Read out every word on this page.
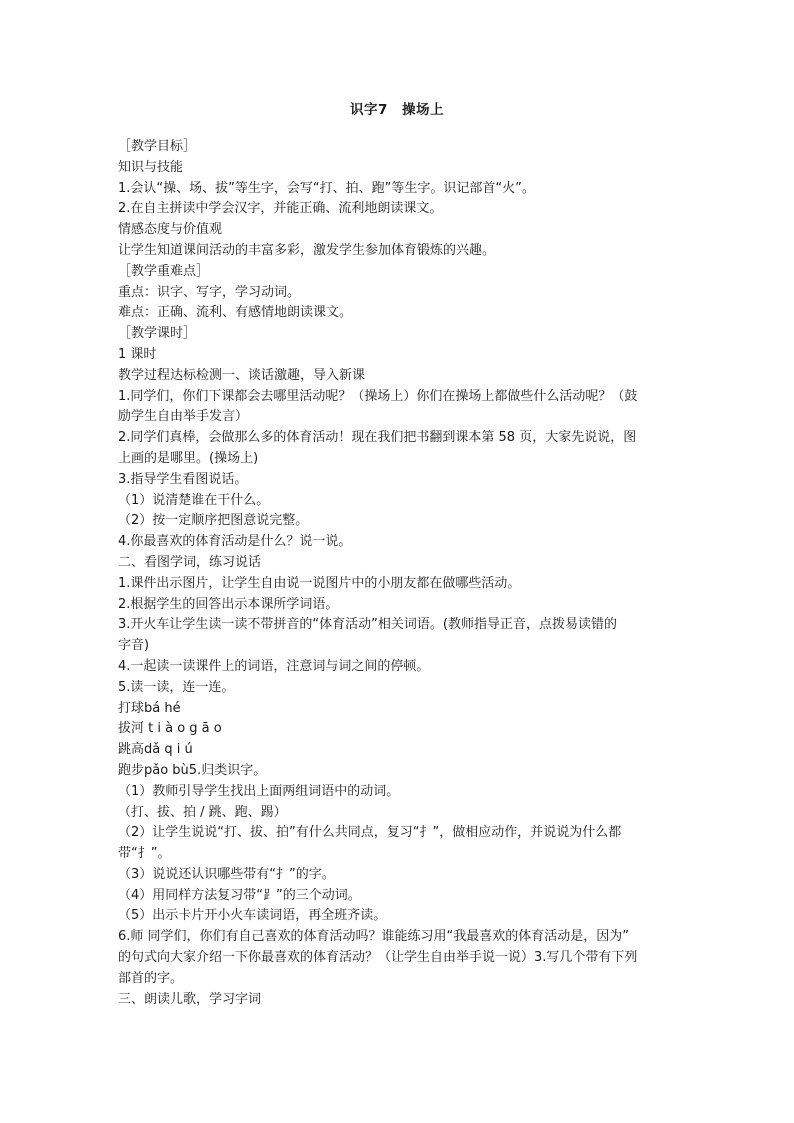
识字7　操场上
［教学目标］
知识与技能
1.会认“操、场、拔”等生字，会写“打、拍、跑”等生字。识记部首“火”。
2.在自主拼读中学会汉字，并能正确、流利地朗读课文。
情感态度与价值观
让学生知道课间活动的丰富多彩，激发学生参加体育锻炼的兴趣。
［教学重难点］
重点：识字、写字，学习动词。
难点：正确、流利、有感情地朗读课文。
［教学课时］
1 课时
教学过程达标检测一、谈话激趣，导入新课
1.同学们，你们下课都会去哪里活动呢？（操场上）你们在操场上都做些什么活动呢？（鼓
励学生自由举手发言）
2.同学们真棒，会做那么多的体育活动！现在我们把书翻到课本第 58 页，大家先说说，图
上画的是哪里。(操场上)
3.指导学生看图说话。
（1）说清楚谁在干什么。
（2）按一定顺序把图意说完整。
4.你最喜欢的体育活动是什么？说一说。
二、看图学词，练习说话
1.课件出示图片，让学生自由说一说图片中的小朋友都在做哪些活动。
2.根据学生的回答出示本课所学词语。
3.开火车让学生读一读不带拼音的“体育活动”相关词语。(教师指导正音，点拨易读错的
字音)
4.一起读一读课件上的词语，注意词与词之间的停顿。
5.读一读，连一连。
打球bá hé
拔河 t i à o g ā o
跳高dǎ q i ú
跑步pǎo bù5.归类识字。
（1）教师引导学生找出上面两组词语中的动词。
（打、拔、拍 / 跳、跑、踢）
（2）让学生说说“打、拔、拍”有什么共同点，复习“扌”，做相应动作，并说说为什么都
带“扌”。
（3）说说还认识哪些带有“扌”的字。
（4）用同样方法复习带“⻊”的三个动词。
（5）出示卡片开小火车读词语，再全班齐读。
6.师 同学们，你们有自己喜欢的体育活动吗？谁能练习用“我最喜欢的体育活动是，因为”
的句式向大家介绍一下你最喜欢的体育活动？（让学生自由举手说一说）3.写几个带有下列
部首的字。
三、朗读儿歌，学习字词
